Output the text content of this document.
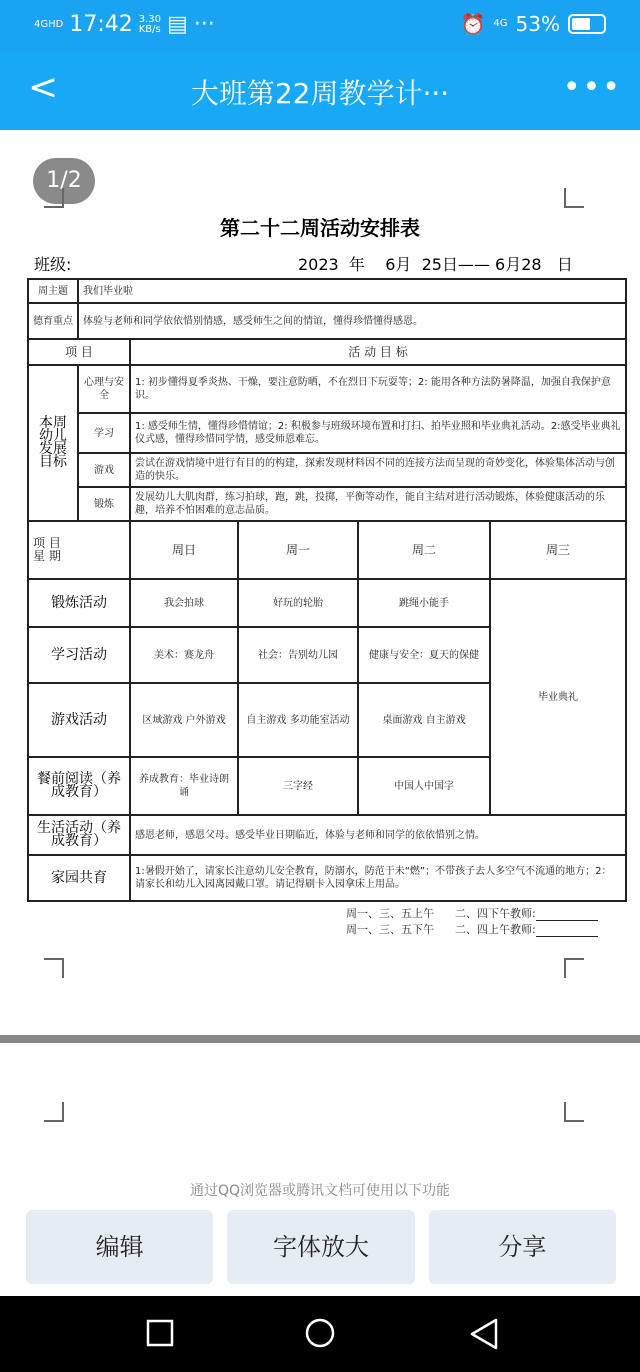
4GHD 17:42 3.30
KB/s ▤ ···	⏰ 4G 53%
<	大班第22周教学计···	•••
1/2
第二十二周活动安排表
班级:	2023  年    6月  25日—— 6月28   日
周主题	我们毕业啦				
德育重点	体验与老师和同学依依惜别情感，感受师生之间的情谊，懂得珍惜懂得感恩。				
项 目		活 动 目 标			
本周幼儿发展目标	心理与安全	1: 初步懂得夏季炎热、干燥，要注意防晒，不在烈日下玩耍等；2: 能用各种方法防暑降温，加强自我保护意识。			
	学习	1: 感受师生情，懂得珍惜情谊；2: 积极参与班级环境布置和打扫、拍毕业照和毕业典礼活动。2:感受毕业典礼仪式感，懂得珍惜同学情，感受师恩难忘。			
	游戏	尝试在游戏情境中进行有目的的构建，探索发现材料因不同的连接方法而呈现的奇妙变化，体验集体活动与创造的快乐。			
	锻炼	发展幼儿大肌肉群，练习拍球，跑，跳，投掷，平衡等动作，能自主结对进行活动锻炼，体验健康活动的乐趣，培养不怕困难的意志品质。			
项 目
星 期		周日	周一	周二	周三
锻炼活动		我会拍球	好玩的轮胎	跳绳小能手	毕业典礼
学习活动		美术：赛龙舟	社会：告别幼儿园	健康与安全：夏天的保健	
游戏活动		区域游戏 户外游戏	自主游戏 多功能室活动	桌面游戏 自主游戏	
餐前阅读（养成教育）		养成教育：毕业诗朗诵	三字经	中国人中国字	
生活活动（养成教育）		感恩老师，感恩父母。感受毕业日期临近，体验与老师和同学的依依惜别之情。			
家园共育		1:暑假开始了，请家长注意幼儿安全教育，防溺水，防范于未“燃”；不带孩子去人多空气不流通的地方；2：请家长和幼儿入园离园戴口罩。请记得刷卡入园拿床上用品。			
周一、三、五上午      二、四下午教师:
周一、三、五下午      二、四上午教师:
通过QQ浏览器或腾讯文档可使用以下功能
编辑	字体放大	分享
